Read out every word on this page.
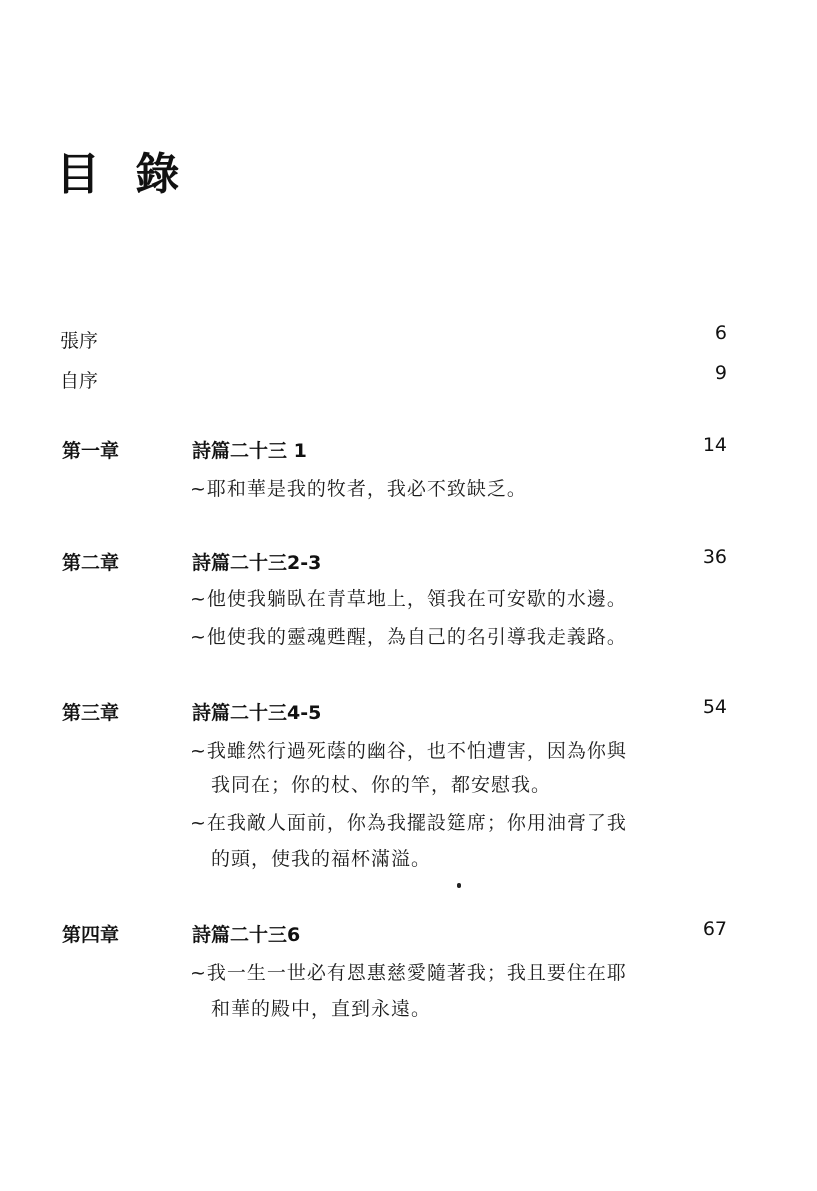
目 錄
張序	6
自序	9
第一章	詩篇二十三 1	14
~耶和華是我的牧者，我必不致缺乏。
第二章	詩篇二十三2-3	36
~他使我躺臥在青草地上，領我在可安歇的水邊。
~他使我的靈魂甦醒，為自己的名引導我走義路。
第三章	詩篇二十三4-5	54
~我雖然行過死蔭的幽谷，也不怕遭害，因為你與
我同在；你的杖、你的竿，都安慰我。
~在我敵人面前，你為我擺設筵席；你用油膏了我
的頭，使我的福杯滿溢。
第四章	詩篇二十三6	67
~我一生一世必有恩惠慈愛隨著我；我且要住在耶
和華的殿中，直到永遠。
